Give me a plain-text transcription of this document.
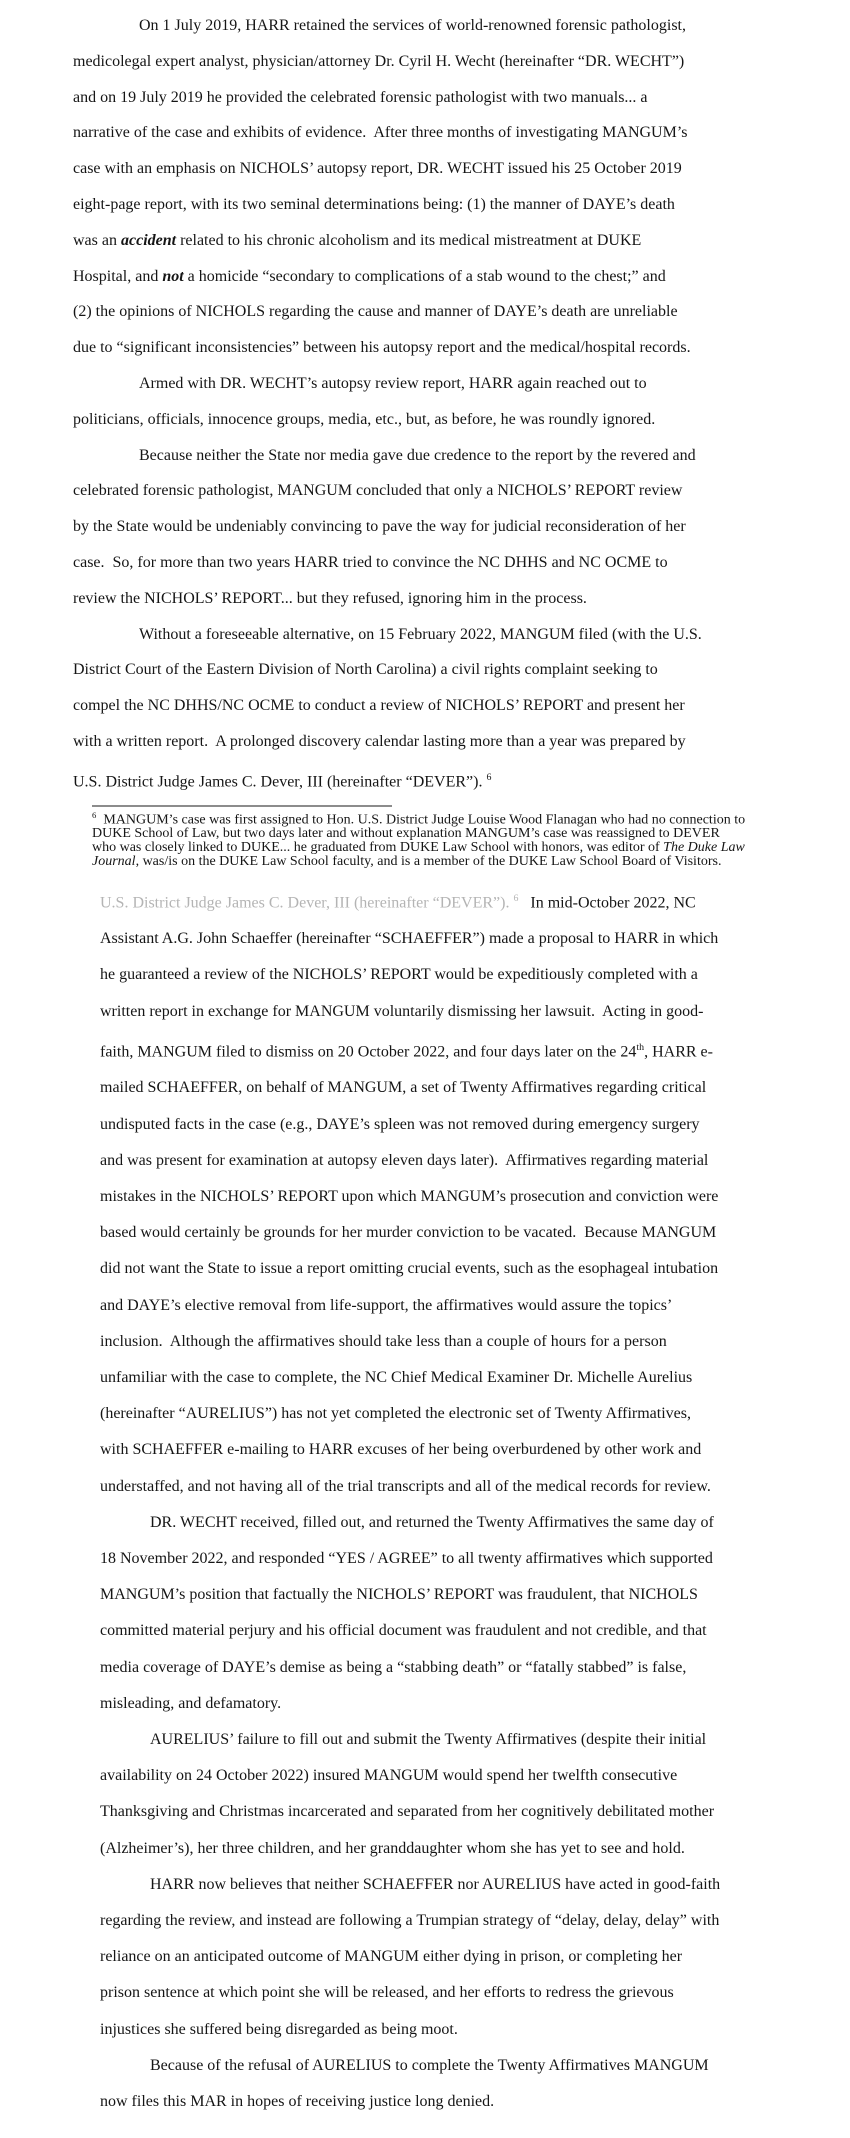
On 1 July 2019, HARR retained the services of world-renowned forensic pathologist,
medicolegal expert analyst, physician/attorney Dr. Cyril H. Wecht (hereinafter “DR. WECHT”)
and on 19 July 2019 he provided the celebrated forensic pathologist with two manuals... a
narrative of the case and exhibits of evidence.  After three months of investigating MANGUM’s
case with an emphasis on NICHOLS’ autopsy report, DR. WECHT issued his 25 October 2019
eight-page report, with its two seminal determinations being: (1) the manner of DAYE’s death
was an accident related to his chronic alcoholism and its medical mistreatment at DUKE
Hospital, and not a homicide “secondary to complications of a stab wound to the chest;” and
(2) the opinions of NICHOLS regarding the cause and manner of DAYE’s death are unreliable
due to “significant inconsistencies” between his autopsy report and the medical/hospital records.
Armed with DR. WECHT’s autopsy review report, HARR again reached out to
politicians, officials, innocence groups, media, etc., but, as before, he was roundly ignored.
Because neither the State nor media gave due credence to the report by the revered and
celebrated forensic pathologist, MANGUM concluded that only a NICHOLS’ REPORT review
by the State would be undeniably convincing to pave the way for judicial reconsideration of her
case.  So, for more than two years HARR tried to convince the NC DHHS and NC OCME to
review the NICHOLS’ REPORT... but they refused, ignoring him in the process.
Without a foreseeable alternative, on 15 February 2022, MANGUM filed (with the U.S.
District Court of the Eastern Division of North Carolina) a civil rights complaint seeking to
compel the NC DHHS/NC OCME to conduct a review of NICHOLS’ REPORT and present her
with a written report.  A prolonged discovery calendar lasting more than a year was prepared by
U.S. District Judge James C. Dever, III (hereinafter “DEVER”). $^6$
$^6$  MANGUM’s case was first assigned to Hon. U.S. District Judge Louise Wood Flanagan who had no connection to
DUKE School of Law, but two days later and without explanation MANGUM’s case was reassigned to DEVER
who was closely linked to DUKE... he graduated from DUKE Law School with honors, was editor of The Duke Law
Journal, was/is on the DUKE Law School faculty, and is a member of the DUKE Law School Board of Visitors.
U.S. District Judge James C. Dever, III (hereinafter “DEVER”). $^6$   In mid-October 2022, NC
Assistant A.G. John Schaeffer (hereinafter “SCHAEFFER”) made a proposal to HARR in which
he guaranteed a review of the NICHOLS’ REPORT would be expeditiously completed with a
written report in exchange for MANGUM voluntarily dismissing her lawsuit.  Acting in good-
faith, MANGUM filed to dismiss on 20 October 2022, and four days later on the 24th, HARR e-
mailed SCHAEFFER, on behalf of MANGUM, a set of Twenty Affirmatives regarding critical
undisputed facts in the case (e.g., DAYE’s spleen was not removed during emergency surgery
and was present for examination at autopsy eleven days later).  Affirmatives regarding material
mistakes in the NICHOLS’ REPORT upon which MANGUM’s prosecution and conviction were
based would certainly be grounds for her murder conviction to be vacated.  Because MANGUM
did not want the State to issue a report omitting crucial events, such as the esophageal intubation
and DAYE’s elective removal from life-support, the affirmatives would assure the topics’
inclusion.  Although the affirmatives should take less than a couple of hours for a person
unfamiliar with the case to complete, the NC Chief Medical Examiner Dr. Michelle Aurelius
(hereinafter “AURELIUS”) has not yet completed the electronic set of Twenty Affirmatives,
with SCHAEFFER e-mailing to HARR excuses of her being overburdened by other work and
understaffed, and not having all of the trial transcripts and all of the medical records for review.
DR. WECHT received, filled out, and returned the Twenty Affirmatives the same day of
18 November 2022, and responded “YES / AGREE” to all twenty affirmatives which supported
MANGUM’s position that factually the NICHOLS’ REPORT was fraudulent, that NICHOLS
committed material perjury and his official document was fraudulent and not credible, and that
media coverage of DAYE’s demise as being a “stabbing death” or “fatally stabbed” is false,
misleading, and defamatory.
AURELIUS’ failure to fill out and submit the Twenty Affirmatives (despite their initial
availability on 24 October 2022) insured MANGUM would spend her twelfth consecutive
Thanksgiving and Christmas incarcerated and separated from her cognitively debilitated mother
(Alzheimer’s), her three children, and her granddaughter whom she has yet to see and hold.
HARR now believes that neither SCHAEFFER nor AURELIUS have acted in good-faith
regarding the review, and instead are following a Trumpian strategy of “delay, delay, delay” with
reliance on an anticipated outcome of MANGUM either dying in prison, or completing her
prison sentence at which point she will be released, and her efforts to redress the grievous
injustices she suffered being disregarded as being moot.
Because of the refusal of AURELIUS to complete the Twenty Affirmatives MANGUM
now files this MAR in hopes of receiving justice long denied.
